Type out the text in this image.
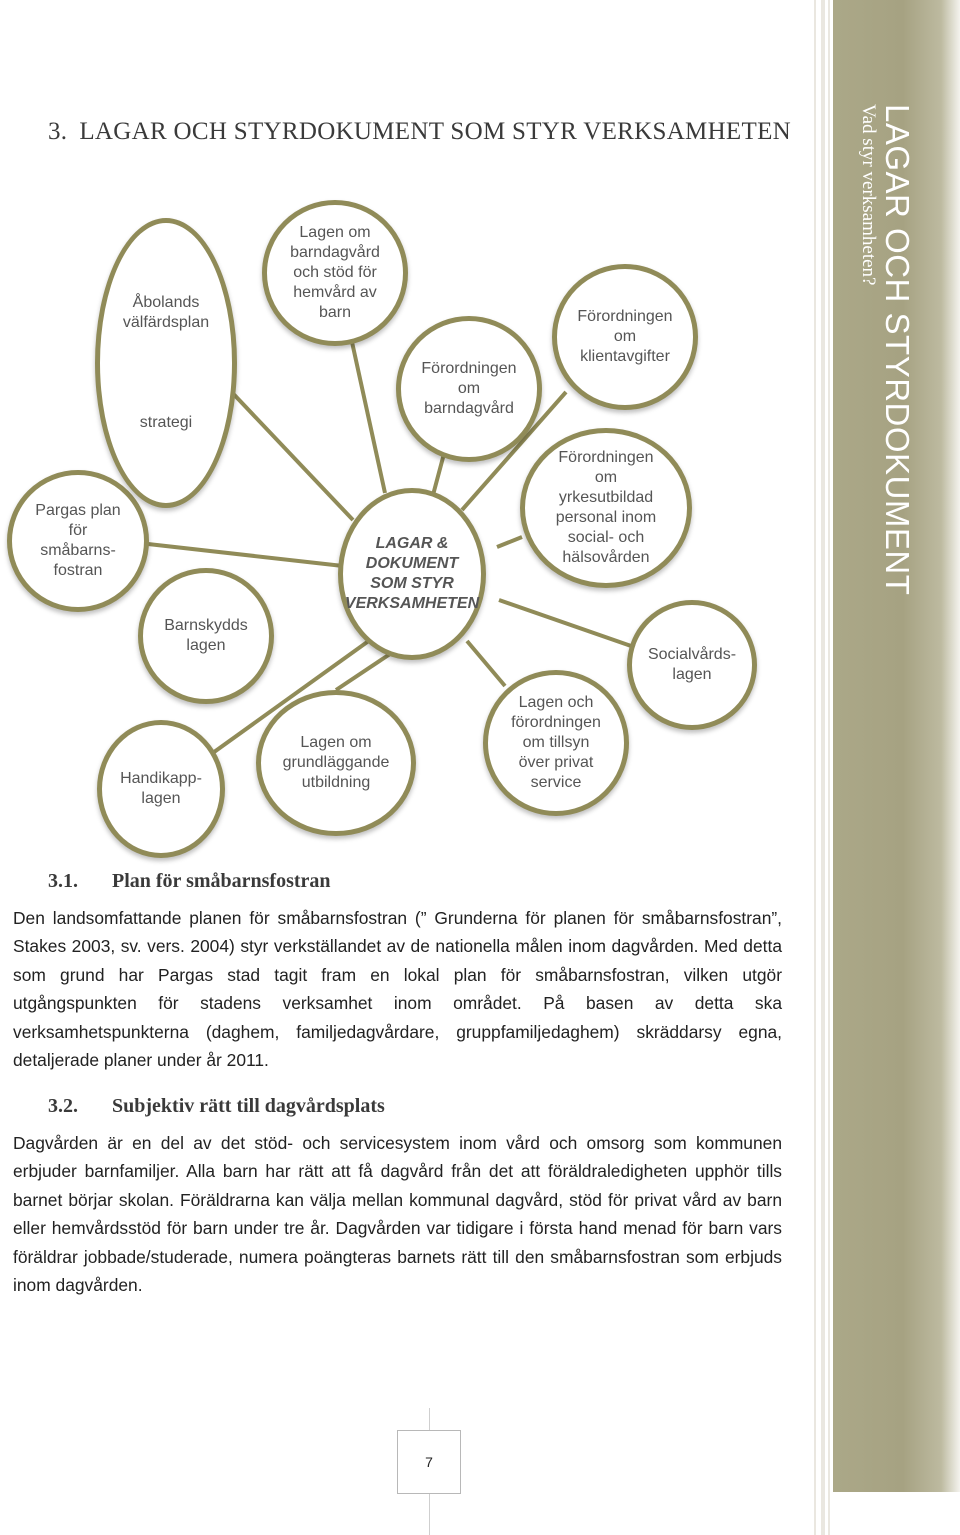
LAGAR OCH STYRDOKUMENT
Vad styr verksamheten?
3. LAGAR OCH STYRDOKUMENT SOM STYR VERKSAMHETEN
LAGAR &
DOKUMENT
SOM STYR
VERKSAMHETEN
Pargas plan
för
småbarns-
fostran
Åbolands
välfärdsplan

strategi
Lagen om
barndagvård
och stöd för
hemvård av
barn
Förordningen
om
barndagvård
Förordningen
om
klientavgifter
Förordningen
om
yrkesutbildad
personal inom
social- och
hälsovården
Socialvårds-
lagen
Lagen och
förordningen
om tillsyn
över privat
service
Lagen om
grundläggande
utbildning
Handikapp-
lagen
Barnskydds
lagen
3.1. Plan för småbarnsfostran

Den landsomfattande planen för småbarnsfostran (” Grunderna för planen för småbarnsfostran”, Stakes 2003, sv. vers. 2004) styr verkställandet av de nationella målen inom dagvården. Med detta som grund har Pargas stad tagit fram en lokal plan för småbarnsfostran, vilken utgör utgångspunkten för stadens verksamhet inom området. På basen av detta ska verksamhetspunkterna (daghem, familjedagvårdare, gruppfamiljedaghem) skräddarsy egna, detaljerade planer under år 2011.

3.2. Subjektiv rätt till dagvårdsplats

Dagvården är en del av det stöd- och servicesystem inom vård och omsorg som kommunen erbjuder barnfamiljer. Alla barn har rätt att få dagvård från det att föräldraledigheten upphör tills barnet börjar skolan. Föräldrarna kan välja mellan kommunal dagvård, stöd för privat vård av barn eller hemvårdsstöd för barn under tre år. Dagvården var tidigare i första hand menad för barn vars föräldrar jobbade/studerade, numera poängteras barnets rätt till den småbarnsfostran som erbjuds inom dagvården.

7
